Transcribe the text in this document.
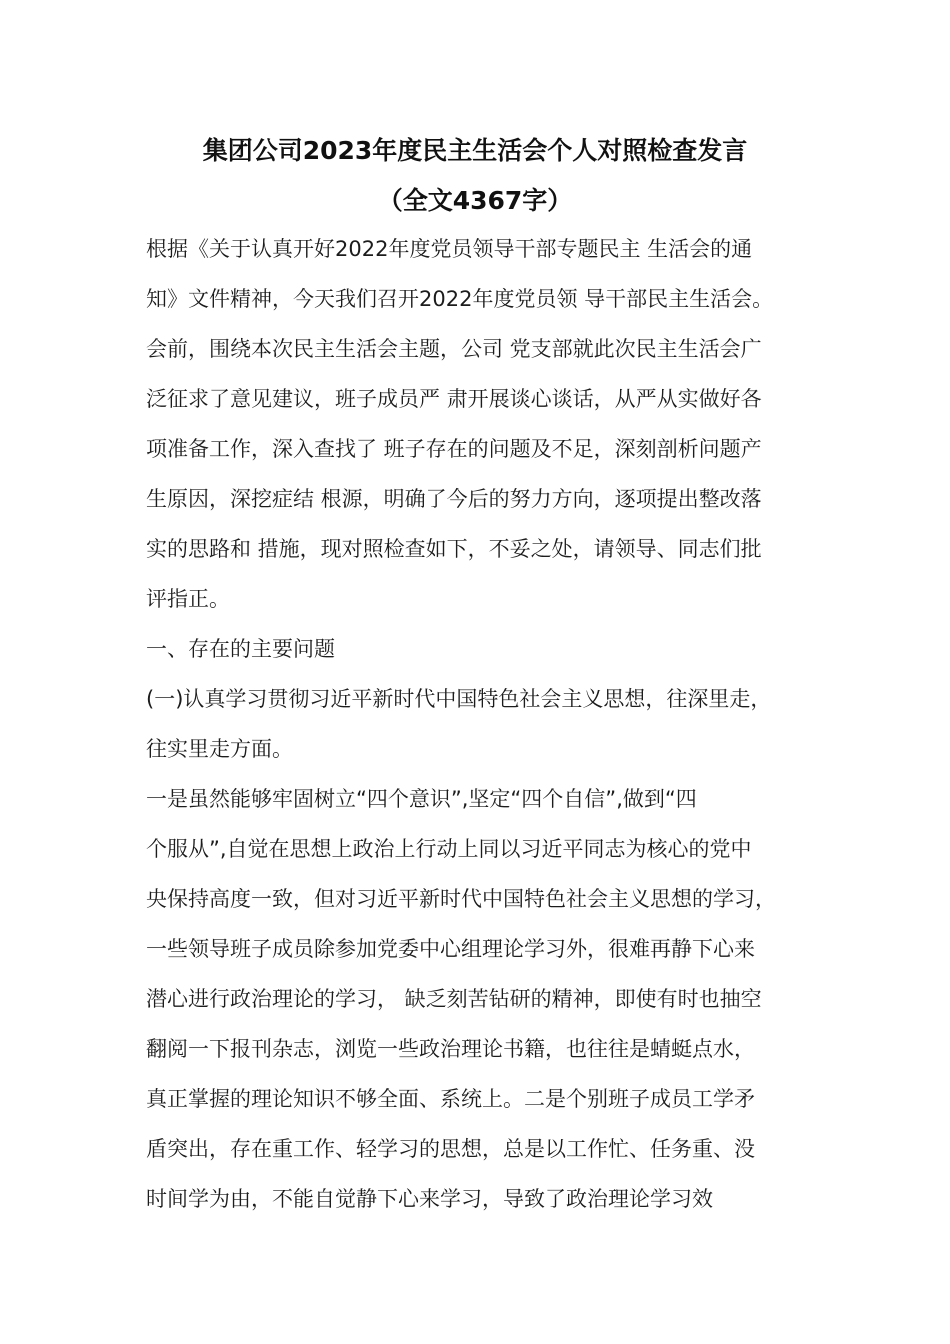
集团公司2023年度民主生活会个人对照检查发言
（全文4367字）
根据《关于认真开好2022年度党员领导干部专题民主 生活会的通
知》文件精神，今天我们召开2022年度党员领 导干部民主生活会。
会前，围绕本次民主生活会主题，公司 党支部就此次民主生活会广
泛征求了意见建议，班子成员严 肃开展谈心谈话，从严从实做好各
项准备工作，深入查找了 班子存在的问题及不足，深刻剖析问题产
生原因，深挖症结 根源，明确了今后的努力方向，逐项提出整改落
实的思路和 措施，现对照检查如下，不妥之处，请领导、同志们批
评指正。
一、存在的主要问题
(一)认真学习贯彻习近平新时代中国特色社会主义思想，往深里走，
往实里走方面。
一是虽然能够牢固树立“四个意识”,坚定“四个自信”,做到“四
个服从”,自觉在思想上政治上行动上同以习近平同志为核心的党中
央保持高度一致，但对习近平新时代中国特色社会主义思想的学习，
一些领导班子成员除参加党委中心组理论学习外，很难再静下心来
潜心进行政治理论的学习， 缺乏刻苦钻研的精神，即使有时也抽空
翻阅一下报刊杂志，浏览一些政治理论书籍，也往往是蜻蜓点水，
真正掌握的理论知识不够全面、系统上。二是个别班子成员工学矛
盾突出，存在重工作、轻学习的思想，总是以工作忙、任务重、没
时间学为由，不能自觉静下心来学习，导致了政治理论学习效
